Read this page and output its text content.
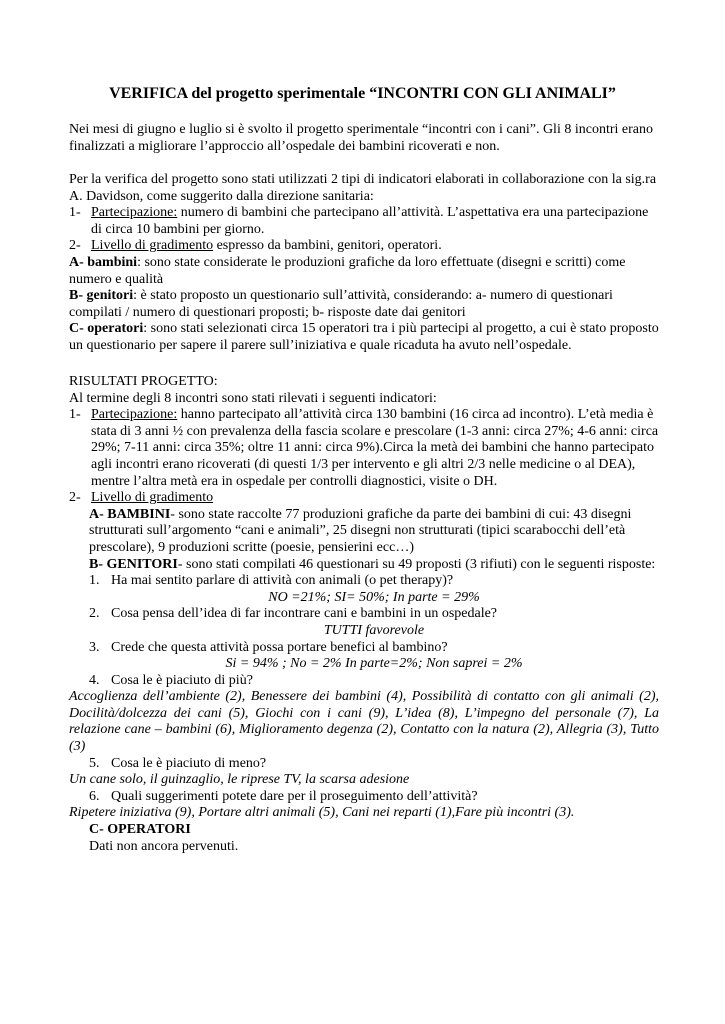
VERIFICA del progetto sperimentale “INCONTRI CON GLI ANIMALI”

Nei mesi di giugno e luglio si è svolto il progetto sperimentale “incontri con i cani”. Gli 8 incontri erano finalizzati a migliorare l’approccio all’ospedale dei bambini ricoverati e non.

Per la verifica del progetto sono stati utilizzati 2 tipi di indicatori elaborati in collaborazione con la sig.ra A. Davidson, come suggerito dalla direzione sanitaria:

1- Partecipazione: numero di bambini che partecipano all’attività. L’aspettativa era una partecipazione di circa 10 bambini per giorno.
2- Livello di gradimento espresso da bambini, genitori, operatori.

A- bambini: sono state considerate le produzioni grafiche da loro effettuate (disegni e scritti) come numero e qualità

B- genitori: è stato proposto un questionario sull’attività, considerando: a- numero di questionari compilati / numero di questionari proposti; b- risposte date dai genitori

C- operatori: sono stati selezionati circa 15 operatori tra i più partecipi al progetto, a cui è stato proposto un questionario per sapere il parere sull’iniziativa e quale ricaduta ha avuto nell’ospedale.

RISULTATI PROGETTO:

Al termine degli 8 incontri sono stati rilevati i seguenti indicatori:

1- Partecipazione: hanno partecipato all’attività circa 130 bambini (16 circa ad incontro). L’età media è stata di 3 anni ½ con prevalenza della fascia scolare e prescolare (1-3 anni: circa 27%; 4-6 anni: circa 29%; 7-11 anni: circa 35%; oltre 11 anni: circa 9%).Circa la metà dei bambini che hanno partecipato agli incontri erano ricoverati (di questi 1/3 per intervento e gli altri 2/3 nelle medicine o al DEA), mentre l’altra metà era in ospedale per controlli diagnostici, visite o DH.
2- Livello di gradimento
A- BAMBINI- sono state raccolte 77 produzioni grafiche da parte dei bambini di cui: 43 disegni strutturati sull’argomento “cani e animali”, 25 disegni non strutturati (tipici scarabocchi dell’età prescolare), 9 produzioni scritte (poesie, pensierini ecc…)
B- GENITORI- sono stati compilati 46 questionari su 49 proposti (3 rifiuti) con le seguenti risposte:
1. Ha mai sentito parlare di attività con animali (o pet therapy)?

NO =21%; SI= 50%; In parte = 29%

2. Cosa pensa dell’idea di far incontrare cani e bambini in un ospedale?

TUTTI favorevole

3. Crede che questa attività possa portare benefici al bambino?

Si = 94% ; No = 2% In parte=2%; Non saprei = 2%

4. Cosa le è piaciuto di più?

Accoglienza dell’ambiente (2), Benessere dei bambini (4), Possibilità di contatto con gli animali (2), Docilità/dolcezza dei cani (5), Giochi con i cani (9), L’idea (8), L’impegno del personale (7), La relazione cane – bambini (6), Miglioramento degenza (2), Contatto con la natura (2), Allegria (3), Tutto (3)

5. Cosa le è piaciuto di meno?

Un cane solo, il guinzaglio, le riprese TV, la scarsa adesione

6. Quali suggerimenti potete dare per il proseguimento dell’attività?

Ripetere iniziativa (9), Portare altri animali (5), Cani nei reparti (1),Fare più incontri (3).

C- OPERATORI

Dati non ancora pervenuti.
